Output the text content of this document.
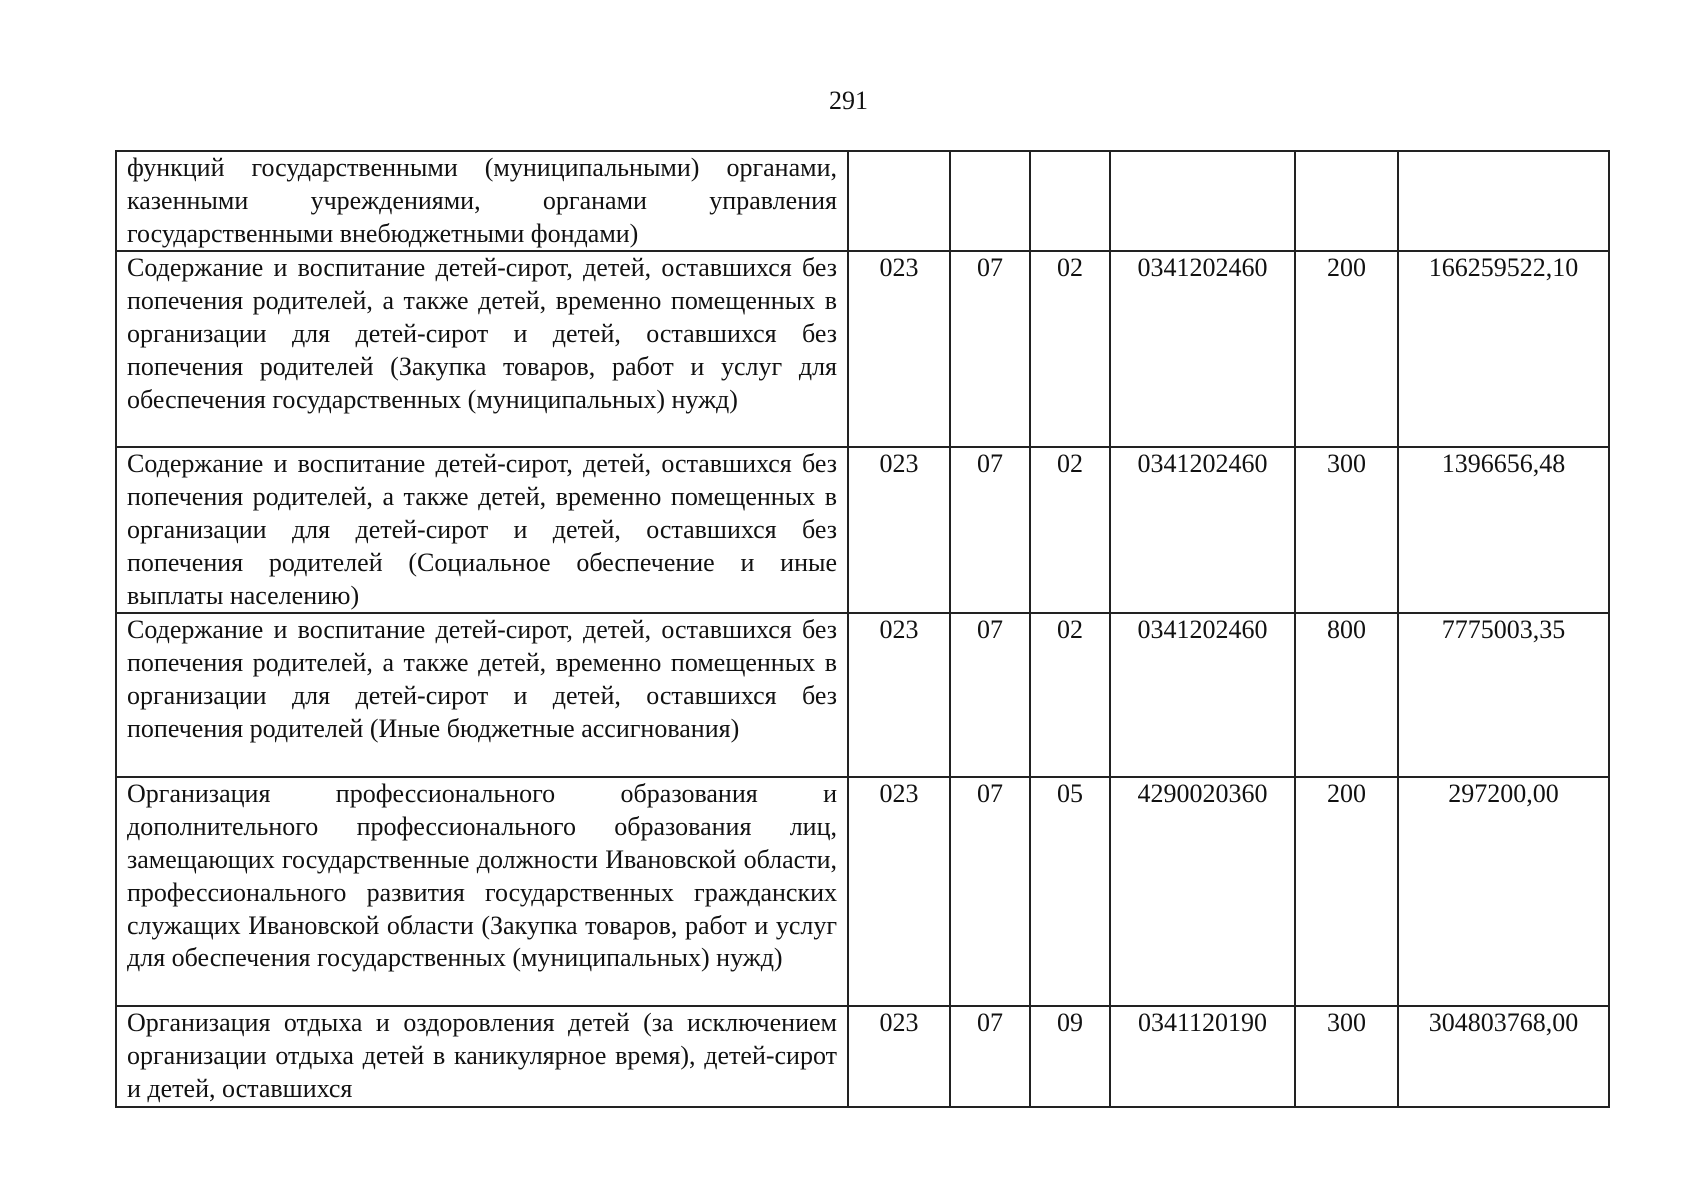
291
функций государственными (муниципальными) органами, казенными учреждениями, органами управления государственными внебюджетными фондами)						
Содержание и воспитание детей-сирот, детей, оставшихся без попечения родителей, а также детей, временно помещенных в организации для детей-сирот и детей, оставшихся без попечения родителей (Закупка товаров, работ и услуг для обеспечения государственных (муниципальных) нужд)	023	07	02	0341202460	200	166259522,10
Содержание и воспитание детей-сирот, детей, оставшихся без попечения родителей, а также детей, временно помещенных в организации для детей-сирот и детей, оставшихся без попечения родителей (Социальное обеспечение и иные выплаты населению)	023	07	02	0341202460	300	1396656,48
Содержание и воспитание детей-сирот, детей, оставшихся без попечения родителей, а также детей, временно помещенных в организации для детей-сирот и детей, оставшихся без попечения родителей (Иные бюджетные ассигнования)	023	07	02	0341202460	800	7775003,35
Организация профессионального образования и дополнительного профессионального образования лиц, замещающих государственные должности Ивановской области, профессионального развития государственных гражданских служащих Ивановской области (Закупка товаров, работ и услуг для обеспечения государственных (муниципальных) нужд)	023	07	05	4290020360	200	297200,00
Организация отдыха и оздоровления детей (за исключением организации отдыха детей в каникулярное время), детей-сирот и детей, оставшихся	023	07	09	0341120190	300	304803768,00
